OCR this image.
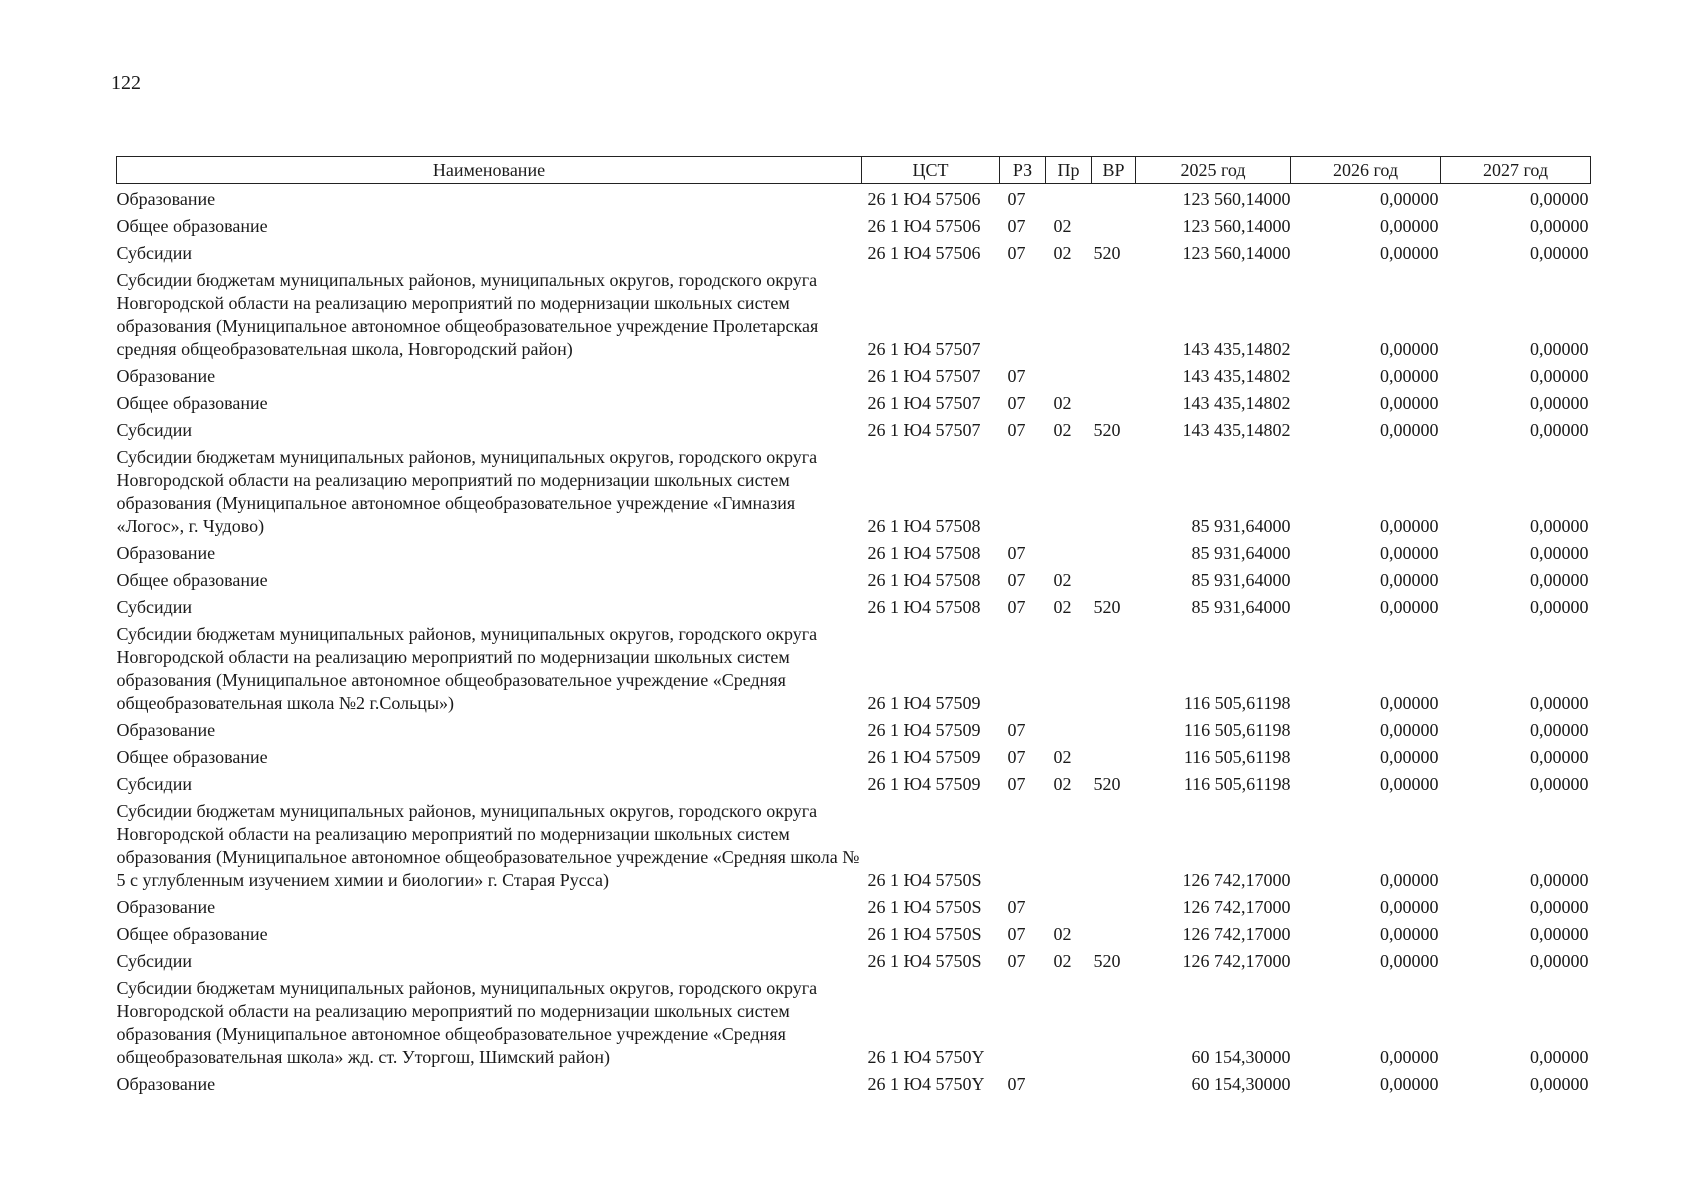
122
Наименование	ЦСТ	РЗ	Пр	ВР	2025 год	2026 год	2027 год
Образование	26 1 Ю4 57506	07			123 560,14000	0,00000	0,00000
Общее образование	26 1 Ю4 57506	07	02		123 560,14000	0,00000	0,00000
Субсидии	26 1 Ю4 57506	07	02	520	123 560,14000	0,00000	0,00000
Субсидии бюджетам муниципальных районов, муниципальных округов, городского округа Новгородской области на реализацию мероприятий по модернизации школьных систем образования (Муниципальное автономное общеобразовательное учреждение Пролетарская средняя общеобразовательная школа, Новгородский район)	26 1 Ю4 57507				143 435,14802	0,00000	0,00000
Образование	26 1 Ю4 57507	07			143 435,14802	0,00000	0,00000
Общее образование	26 1 Ю4 57507	07	02		143 435,14802	0,00000	0,00000
Субсидии	26 1 Ю4 57507	07	02	520	143 435,14802	0,00000	0,00000
Субсидии бюджетам муниципальных районов, муниципальных округов, городского округа Новгородской области на реализацию мероприятий по модернизации школьных систем образования (Муниципальное автономное общеобразовательное учреждение «Гимназия «Логос», г. Чудово)	26 1 Ю4 57508				85 931,64000	0,00000	0,00000
Образование	26 1 Ю4 57508	07			85 931,64000	0,00000	0,00000
Общее образование	26 1 Ю4 57508	07	02		85 931,64000	0,00000	0,00000
Субсидии	26 1 Ю4 57508	07	02	520	85 931,64000	0,00000	0,00000
Субсидии бюджетам муниципальных районов, муниципальных округов, городского округа Новгородской области на реализацию мероприятий по модернизации школьных систем образования (Муниципальное автономное общеобразовательное учреждение «Средняя общеобразовательная школа №2 г.Сольцы»)	26 1 Ю4 57509				116 505,61198	0,00000	0,00000
Образование	26 1 Ю4 57509	07			116 505,61198	0,00000	0,00000
Общее образование	26 1 Ю4 57509	07	02		116 505,61198	0,00000	0,00000
Субсидии	26 1 Ю4 57509	07	02	520	116 505,61198	0,00000	0,00000
Субсидии бюджетам муниципальных районов, муниципальных округов, городского округа Новгородской области на реализацию мероприятий по модернизации школьных систем образования (Муниципальное автономное общеобразовательное учреждение «Средняя школа № 5 с углубленным изучением химии и биологии» г. Старая Русса)	26 1 Ю4 5750S				126 742,17000	0,00000	0,00000
Образование	26 1 Ю4 5750S	07			126 742,17000	0,00000	0,00000
Общее образование	26 1 Ю4 5750S	07	02		126 742,17000	0,00000	0,00000
Субсидии	26 1 Ю4 5750S	07	02	520	126 742,17000	0,00000	0,00000
Субсидии бюджетам муниципальных районов, муниципальных округов, городского округа Новгородской области на реализацию мероприятий по модернизации школьных систем образования (Муниципальное автономное общеобразовательное учреждение «Средняя общеобразовательная школа» жд. ст. Уторгош, Шимский район)	26 1 Ю4 5750Y				60 154,30000	0,00000	0,00000
Образование	26 1 Ю4 5750Y	07			60 154,30000	0,00000	0,00000
